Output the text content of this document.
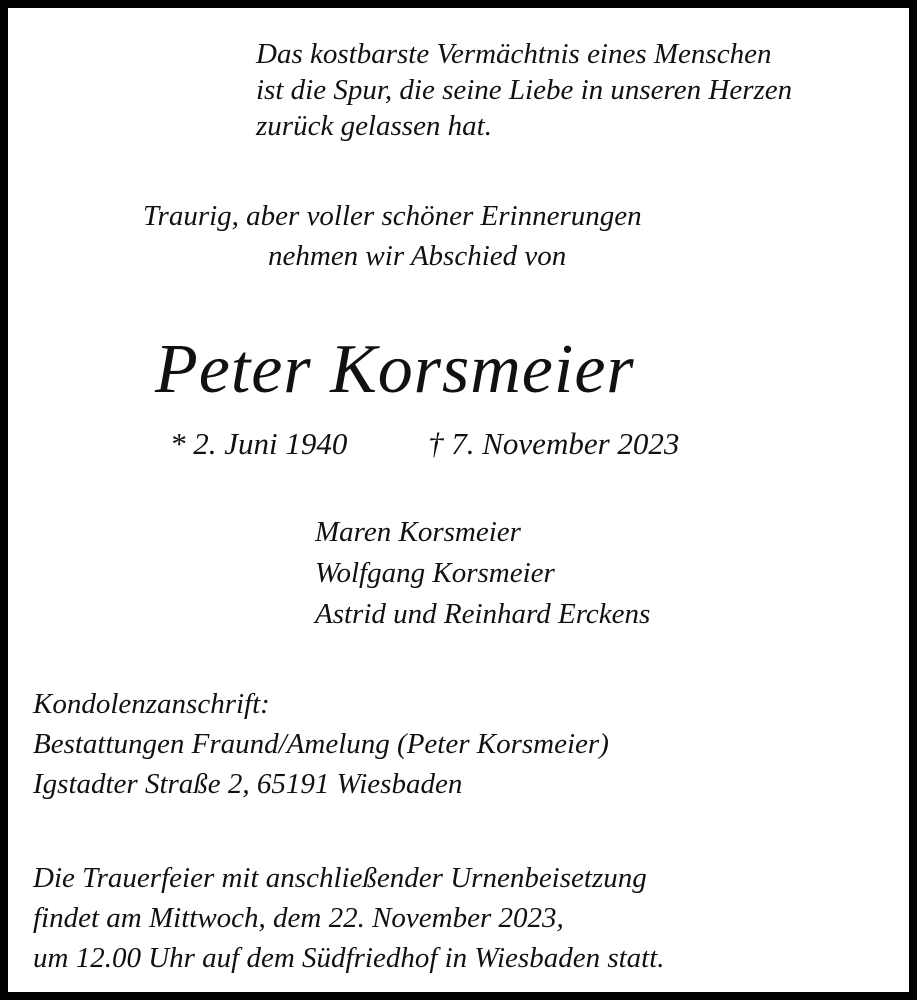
Das kostbarste Vermächtnis eines Menschen
ist die Spur, die seine Liebe in unseren Herzen
zurück gelassen hat.
Traurig, aber voller schöner Erinnerungen
nehmen wir Abschied von
Peter Korsmeier
* 2. Juni 1940	† 7. November 2023
Maren Korsmeier
Wolfgang Korsmeier
Astrid und Reinhard Erckens
Kondolenzanschrift:
Bestattungen Fraund/Amelung (Peter Korsmeier)
Igstadter Straße 2, 65191 Wiesbaden
Die Trauerfeier mit anschließender Urnenbeisetzung
findet am Mittwoch, dem 22. November 2023,
um 12.00 Uhr auf dem Südfriedhof in Wiesbaden statt.
